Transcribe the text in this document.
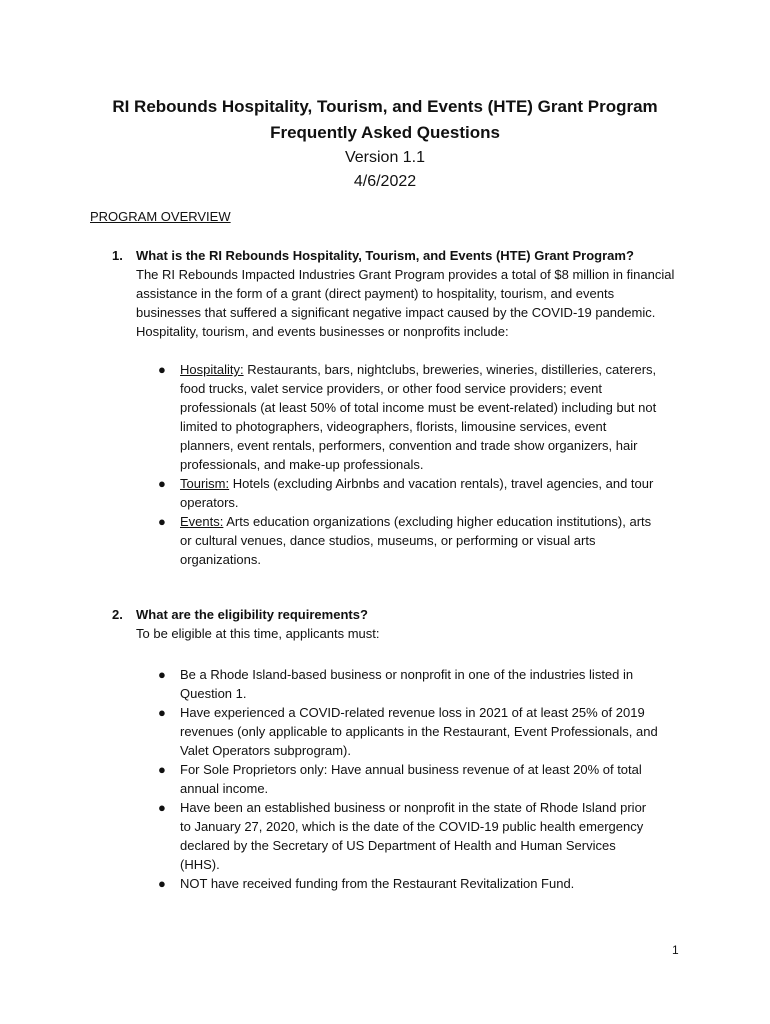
RI Rebounds Hospitality, Tourism, and Events (HTE) Grant Program
Frequently Asked Questions
Version 1.1
4/6/2022
PROGRAM OVERVIEW
1. What is the RI Rebounds Hospitality, Tourism, and Events (HTE) Grant Program?
The RI Rebounds Impacted Industries Grant Program provides a total of $8 million in financial assistance in the form of a grant (direct payment) to hospitality, tourism, and events businesses that suffered a significant negative impact caused by the COVID-19 pandemic. Hospitality, tourism, and events businesses or nonprofits include:
● Hospitality: Restaurants, bars, nightclubs, breweries, wineries, distilleries, caterers, food trucks, valet service providers, or other food service providers; event professionals (at least 50% of total income must be event-related) including but not limited to photographers, videographers, florists, limousine services, event planners, event rentals, performers, convention and trade show organizers, hair professionals, and make-up professionals.
● Tourism: Hotels (excluding Airbnbs and vacation rentals), travel agencies, and tour operators.
● Events: Arts education organizations (excluding higher education institutions), arts or cultural venues, dance studios, museums, or performing or visual arts organizations.
2. What are the eligibility requirements?
To be eligible at this time, applicants must:
● Be a Rhode Island-based business or nonprofit in one of the industries listed in Question 1.
● Have experienced a COVID-related revenue loss in 2021 of at least 25% of 2019 revenues (only applicable to applicants in the Restaurant, Event Professionals, and Valet Operators subprogram).
● For Sole Proprietors only: Have annual business revenue of at least 20% of total annual income.
● Have been an established business or nonprofit in the state of Rhode Island prior to January 27, 2020, which is the date of the COVID-19 public health emergency declared by the Secretary of US Department of Health and Human Services (HHS).
● NOT have received funding from the Restaurant Revitalization Fund.
1
